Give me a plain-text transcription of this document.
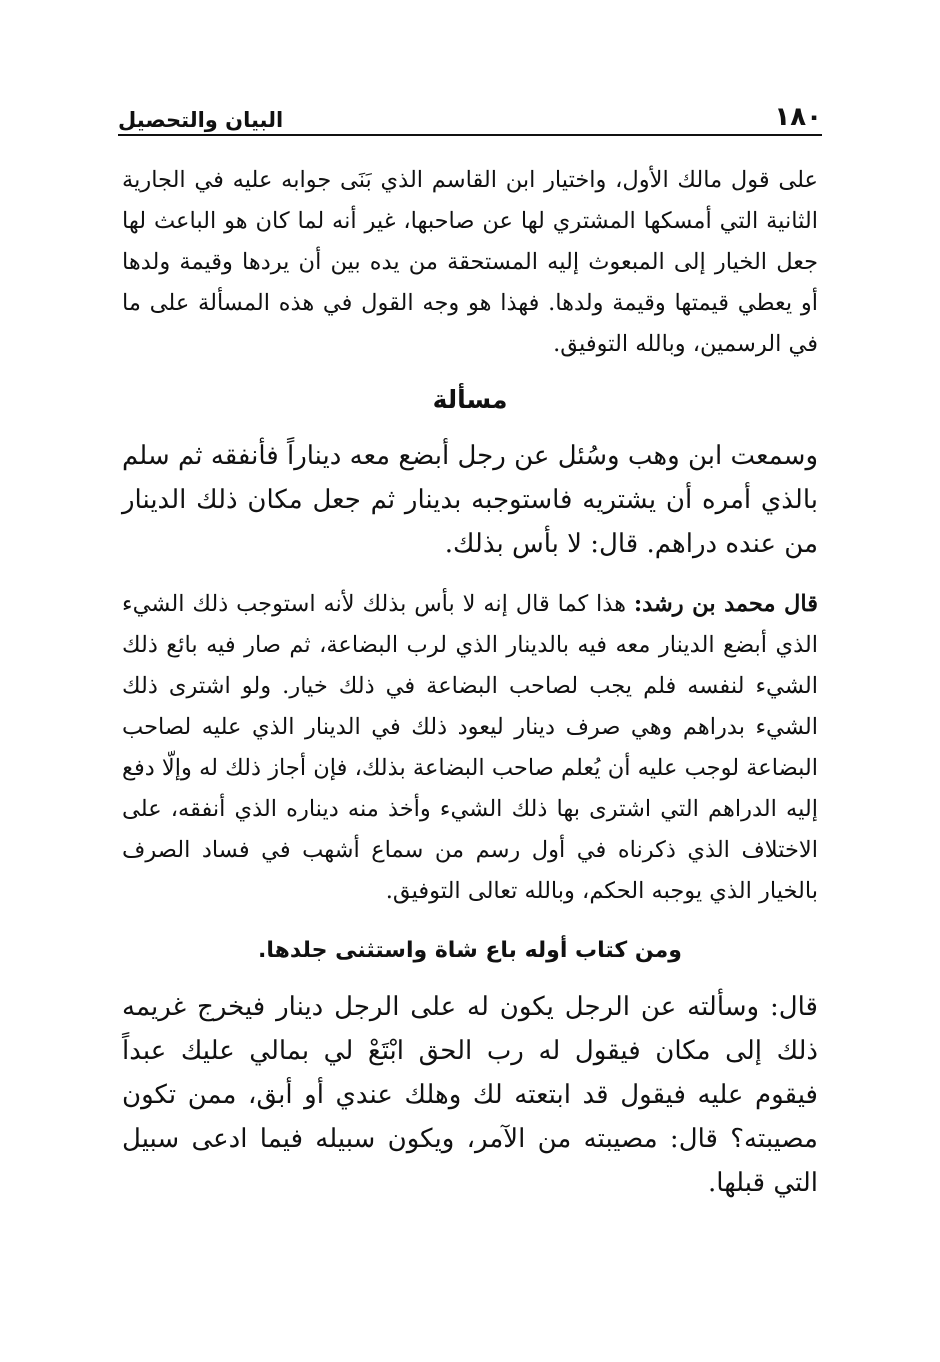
١٨٠
البيان والتحصيل

على قول مالك الأول، واختيار ابن القاسم الذي بَنَى جوابه عليه في الجارية الثانية التي أمسكها المشتري لها عن صاحبها، غير أنه لما كان هو الباعث لها جعل الخيار إلى المبعوث إليه المستحقة من يده بين أن يردها وقيمة ولدها أو يعطي قيمتها وقيمة ولدها. فهذا هو وجه القول في هذه المسألة على ما في الرسمين، وبالله التوفيق.

مسألة

وسمعت ابن وهب وسُئل عن رجل أبضع معه ديناراً فأنفقه ثم سلم بالذي أمره أن يشتريه فاستوجبه بدينار ثم جعل مكان ذلك الدينار من عنده دراهم. قال: لا بأس بذلك.

قال محمد بن رشد: هذا كما قال إنه لا بأس بذلك لأنه استوجب ذلك الشيء الذي أبضع الدينار معه فيه بالدينار الذي لرب البضاعة، ثم صار فيه بائع ذلك الشيء لنفسه فلم يجب لصاحب البضاعة في ذلك خيار. ولو اشترى ذلك الشيء بدراهم وهي صرف دينار ليعود ذلك في الدينار الذي عليه لصاحب البضاعة لوجب عليه أن يُعلم صاحب البضاعة بذلك، فإن أجاز ذلك له وإلّا دفع إليه الدراهم التي اشترى بها ذلك الشيء وأخذ منه ديناره الذي أنفقه، على الاختلاف الذي ذكرناه في أول رسم من سماع أشهب في فساد الصرف بالخيار الذي يوجبه الحكم، وبالله تعالى التوفيق.

ومن كتاب أوله باع شاة واستثنى جلدها.

قال: وسألته عن الرجل يكون له على الرجل دينار فيخرج غريمه ذلك إلى مكان فيقول له رب الحق ابْتَعْ لي بمالي عليك عبداً فيقوم عليه فيقول قد ابتعته لك وهلك عندي أو أبق، ممن تكون مصيبته؟ قال: مصيبته من الآمر، ويكون سبيله فيما ادعى سبيل التي قبلها.
